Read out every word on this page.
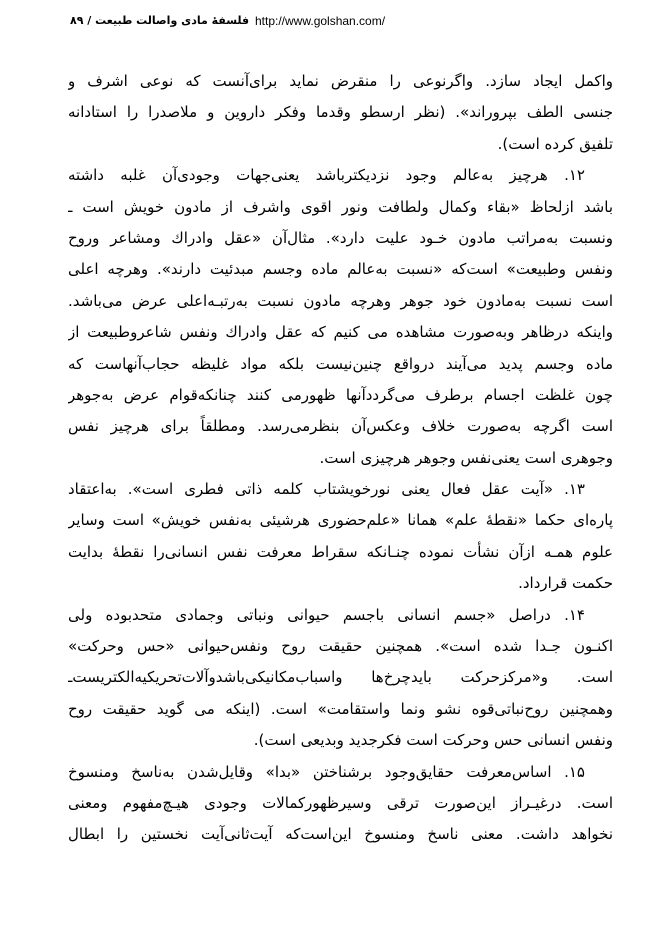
فلسفهٔ مادی واصالت طبیعت / ۸۹ http://www.golshan.com/
واکمل ایجاد سازد. واگرنوعی را منقرض نماید برای‌آنست که نوعی اشرف و
جنسی الطف بپروراند». (نظر ارسطو وقدما وفکر داروین و ملاصدرا را استادانه
تلفیق کرده است).
۱۲. هرچیز به‌عالم وجود نزدیکترباشد یعنی‌جهات وجودی‌آن غلبه داشته
باشد ازلحاظ «بقاء وکمال ولطافت ونور اقوی واشرف از مادون خویش است ـ
ونسبت به‌مراتب مادون خـود علیت دارد». مثال‌آن «عقل وادراك ومشاعر وروح
ونفس وطبیعت» است‌که «نسبت به‌عالم ماده وجسم مبدئیت دارند». وهرچه اعلی
است نسبت به‌مادون خود جوهر وهرچه مادون نسبت به‌رتبـه‌اعلی عرض می‌باشد.
واینکه درظاهر وبه‌صورت مشاهده می کنیم که عقل وادراك ونفس شاعروطبیعت از
ماده وجسم پدید می‌آیند درواقع چنین‌نیست بلکه مواد غلیظه حجاب‌آنهاست که
چون غلظت اجسام برطرف می‌گردد‌آنها ظهورمی کنند چنانکه‌قوام عرض به‌جوهر
است اگرچه به‌صورت خلاف وعکس‌آن بنظرمی‌رسد. ومطلقاً برای هرچیز نفس
وجوهری است یعنی‌نفس وجوهر هرچیزی است.
۱۳. «آیت عقل فعال یعنی نورخویشتاب کلمه ذاتی فطری است». به‌اعتقاد
پاره‌ای حکما «نقطهٔ علم» همانا «علم‌حضوری هرشیئی به‌نفس خویش» است وسایر
علوم همـه ازآن نشأت نموده چنـانکه سقراط معرفت نفس انسانی‌را نقطهٔ بدایت
حکمت قرارداد.
۱۴. دراصل «جسم انسانی باجسم حیوانی ونباتی وجمادی متحدبوده ولی
اکنـون جـدا شده است». همچنین حقیقت روح ونفس‌حیوانی «حس وحرکت»
است. و«مرکزحرکت بایدچرخ‌ها واسباب‌مکانیکی‌باشدوآلات‌تحریکیه‌الکتریست‌ـ
وهمچنین روح‌نباتی‌قوه نشو ونما واستقامت» است. (اینکه می گوید حقیقت روح
ونفس انسانی حس وحرکت است فکرجدید وبدیعی است).
۱۵. اساس‌معرفت حقایق‌وجود برشناختن «بدا» وقایل‌شدن به‌ناسخ ومنسوخ
است. درغیـراز این‌صورت ترقی وسیرظهورکمالات وجودی هیـچ‌مفهوم ومعنی
نخواهد داشت. معنی ناسخ ومنسوخ این‌است‌که آیت‌ثانی‌آیت نخستین را ابطال
